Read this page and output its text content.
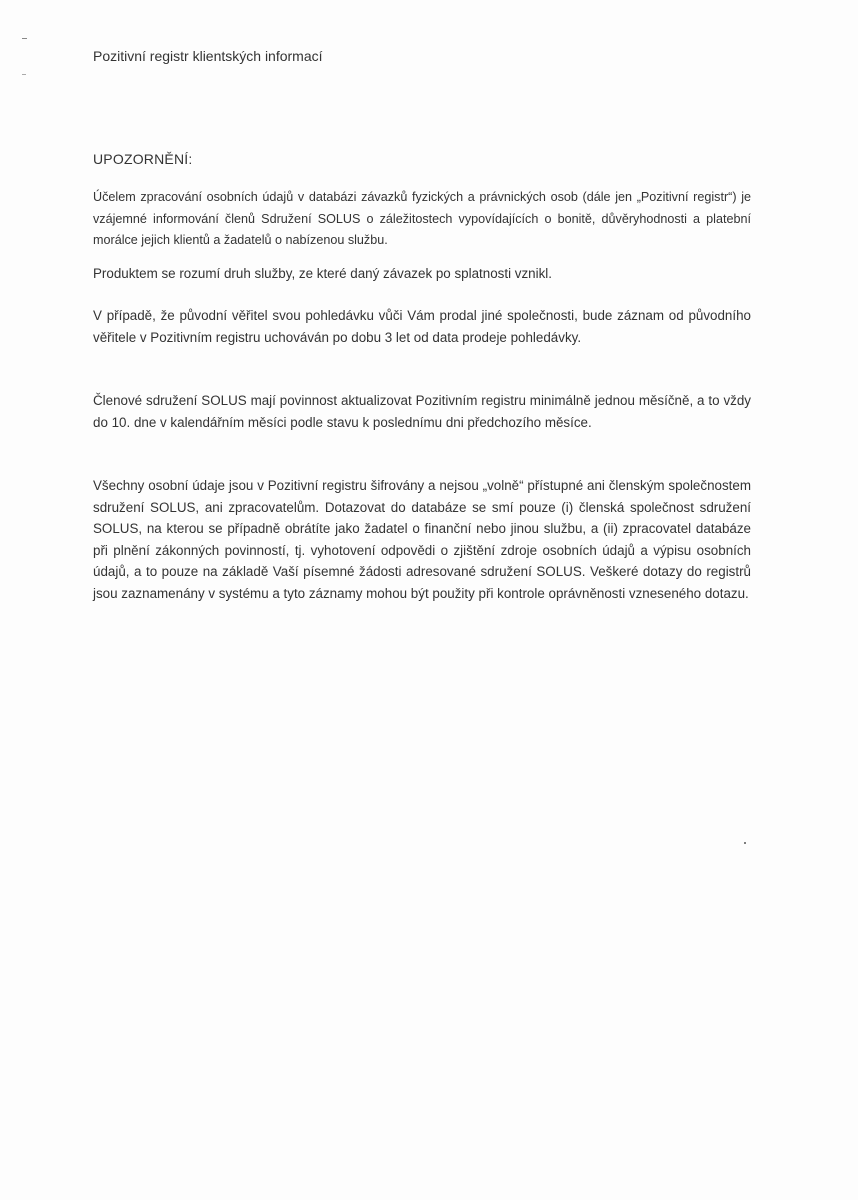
Pozitivní registr klientských informací
UPOZORNĚNÍ:
Účelem zpracování osobních údajů v databázi závazků fyzických a právnických osob (dále jen „Pozitivní registr“) je vzájemné informování členů Sdružení SOLUS o záležitostech vypovídajících o bonitě, důvěryhodnosti a platební morálce jejich klientů a žadatelů o nabízenou službu.
Produktem se rozumí druh služby, ze které daný závazek po splatnosti vznikl.
V případě, že původní věřitel svou pohledávku vůči Vám prodal jiné společnosti, bude záznam od původního věřitele v Pozitivním registru uchováván po dobu 3 let od data prodeje pohledávky.
Členové sdružení SOLUS mají povinnost aktualizovat Pozitivním registru minimálně jednou měsíčně, a to vždy do 10. dne v kalendářním měsíci podle stavu k poslednímu dni předchozího měsíce.
Všechny osobní údaje jsou v Pozitivní registru šifrovány a nejsou „volně“ přístupné ani členským společnostem sdružení SOLUS, ani zpracovatelům. Dotazovat do databáze se smí pouze (i) členská společnost sdružení SOLUS, na kterou se případně obrátíte jako žadatel o finanční nebo jinou službu, a (ii) zpracovatel databáze při plnění zákonných povinností, tj. vyhotovení odpovědi o zjištění zdroje osobních údajů a výpisu osobních údajů, a to pouze na základě Vaší písemné žádosti adresované sdružení SOLUS. Veškeré dotazy do registrů jsou zaznamenány v systému a tyto záznamy mohou být použity při kontrole oprávněnosti vzneseného dotazu.
